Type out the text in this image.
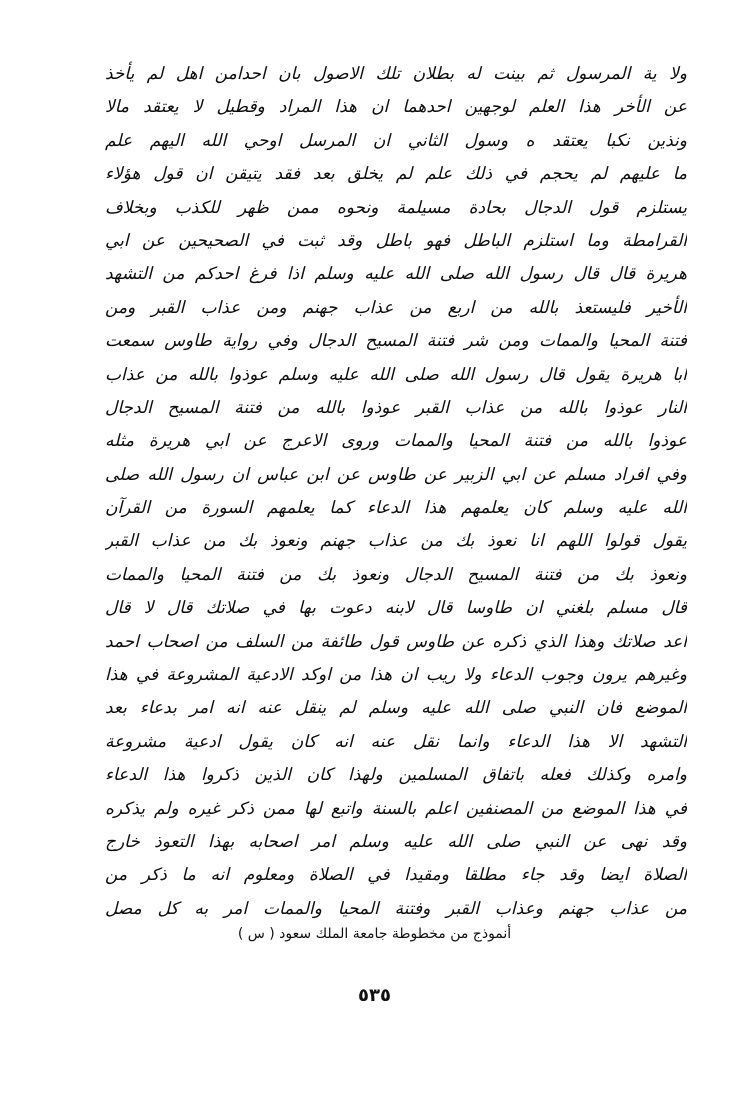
ولا ية المرسول ثم بينت له بطلان تلك الاصول بان احدامن اهل لم يأخذ
عن الأخر هذا العلم لوجهين احدهما ان هذا المراد وقطيل لا يعتقد مالا
ونذين نكبا يعتقد ه وسول الثاني ان المرسل اوحي الله اليهم علم
ما عليهم لم يحجم في ذلك علم لم يخلق بعد فقد يتيقن ان قول هؤلاء
يستلزم قول الدجال بحادة مسيلمة ونحوه ممن ظهر للكذب وبخلاف
القرامطة وما استلزم الباطل فهو باطل وقد ثبت في الصحيحين عن ابي
هريرة قال قال رسول الله صلى الله عليه وسلم اذا فرغ احدكم من التشهد
الأخير فليستعذ بالله من اربع من عذاب جهنم ومن عذاب القبر ومن
فتنة المحيا والممات ومن شر فتنة المسيح الدجال وفي رواية طاوس سمعت
ابا هريرة يقول قال رسول الله صلى الله عليه وسلم عوذوا بالله من عذاب
النار عوذوا بالله من عذاب القبر عوذوا بالله من فتنة المسيح الدجال
عوذوا بالله من فتنة المحيا والممات وروى الاعرج عن ابي هريرة مثله
وفي افراد مسلم عن ابي الزبير عن طاوس عن ابن عباس ان رسول الله صلى
الله عليه وسلم كان يعلمهم هذا الدعاء كما يعلمهم السورة من القرآن
يقول قولوا اللهم انا نعوذ بك من عذاب جهنم ونعوذ بك من عذاب القبر
ونعوذ بك من فتنة المسيح الدجال ونعوذ بك من فتنة المحيا والممات
قال مسلم بلغني ان طاوسا قال لابنه دعوت بها في صلاتك قال لا قال
اعد صلاتك وهذا الذي ذكره عن طاوس قول طائفة من السلف من اصحاب احمد
وغيرهم يرون وجوب الدعاء ولا ريب ان هذا من اوكد الادعية المشروعة في هذا
الموضع فان النبي صلى الله عليه وسلم لم ينقل عنه انه امر بدعاء بعد
التشهد الا هذا الدعاء وانما نقل عنه انه كان يقول ادعية مشروعة
وامره وكذلك فعله باتفاق المسلمين ولهذا كان الذين ذكروا هذا الدعاء
في هذا الموضع من المصنفين اعلم بالسنة واتبع لها ممن ذكر غيره ولم يذكره
وقد نهى عن النبي صلى الله عليه وسلم امر اصحابه بهذا التعوذ خارج
الصلاة ايضا وقد جاء مطلقا ومقيدا في الصلاة ومعلوم انه ما ذكر من
من عذاب جهنم وعذاب القبر وفتنة المحيا والممات امر به كل مصل
أنموذج من مخطوطة جامعة الملك سعود ( س )
٥٣٥
